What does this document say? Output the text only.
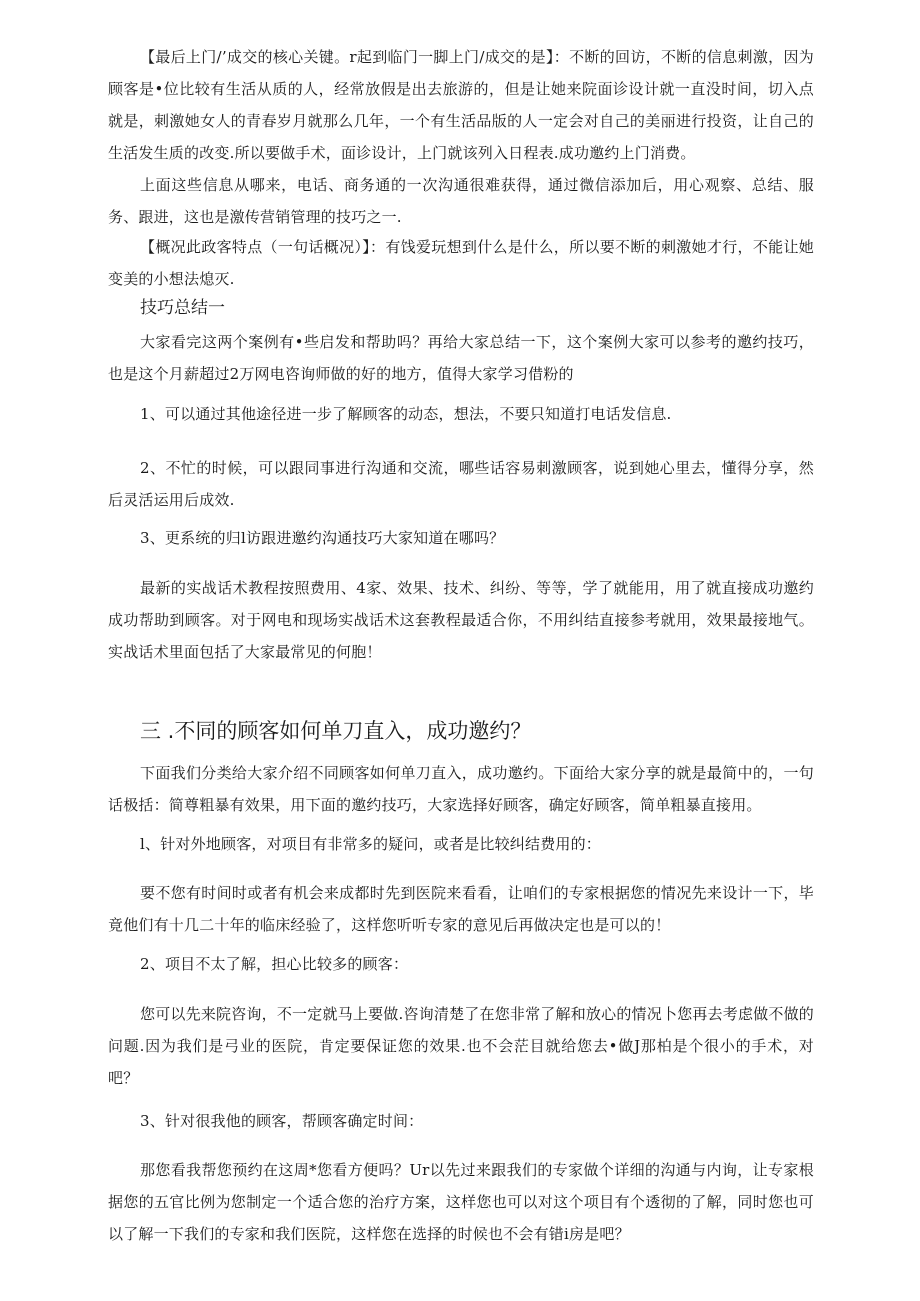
【最后上门/’成交的核心关键。r起到临门一脚上门/成交的是】：不断的回访，不断的信息刺激，因为顾客是•位比较有生活从质的人，经常放假是出去旅游的，但是让她来院面诊设计就一直没时间，切入点就是，刺激她女人的青春岁月就那么几年，一个有生活品版的人一定会对自己的美丽进行投资，让自己的生活发生质的改变.所以要做手术，面诊设计，上门就该列入日程表.成功邀约上门消费。

上面这些信息从哪来，电话、商务通的一次沟通很难获得，通过微信添加后，用心观察、总结、服务、跟进，这也是激传营销管理的技巧之一.

【概况此政客特点（一句话概况）】：有饯爱玩想到什么是什么，所以要不断的刺激她才行，不能让她变美的小想法熄灭.

技巧总结一

大家看完这两个案例有•些启发和帮助吗？再给大家总结一下，这个案例大家可以参考的邀约技巧，也是这个月薪超过2万网电咨询师做的好的地方，值得大家学习借粉的

1、可以通过其他途径进一步了解顾客的动态，想法，不要只知道打电话发信息.

2、不忙的时候，可以跟同事进行沟通和交流，哪些话容易刺激顾客，说到她心里去，懂得分享，然后灵活运用后成效.

3、更系统的归l访跟进邀约沟通技巧大家知道在哪吗？

最新的实战话术教程按照费用、4家、效果、技术、纠纷、等等，学了就能用，用了就直接成功邀约成功帮助到顾客。对于网电和现场实战话术这套教程最适合你，不用纠结直接参考就用，效果最接地气。实战话术里面包括了大家最常见的何胞！

三 .不同的顾客如何单刀直入，成功邀约？

下面我们分类给大家介绍不同顾客如何单刀直入，成功邀约。下面给大家分享的就是最简中的，一句话极括：简尊粗暴有效果，用下面的邀约技巧，大家选择好顾客，确定好顾客，简单粗暴直接用。

l、针对外地顾客，对项目有非常多的疑问，或者是比较纠结费用的：

要不您有时间时或者有机会来成都时先到医院来看看，让咱们的专家根据您的情况先来设计一下，毕竟他们有十几二十年的临床经验了，这样您听听专家的意见后再做决定也是可以的！

2、项目不太了解，担心比较多的顾客：

您可以先来院咨询，不一定就马上要做.咨询清楚了在您非常了解和放心的情况卜您再去考虑做不做的问题.因为我们是弓业的医院，肯定要保证您的效果.也不会茫目就给您去•做J那柏是个很小的手术，对吧？

3、针对很我他的顾客，帮顾客确定时间：

那您看我帮您预约在这周*您看方便吗？Ur以先过来跟我们的专家做个详细的沟通与内询，让专家根据您的五官比例为您制定一个适合您的治疗方案，这样您也可以对这个项目有个透彻的了解，同时您也可以了解一下我们的专家和我们医院，这样您在选择的时候也不会有错i房是吧？
